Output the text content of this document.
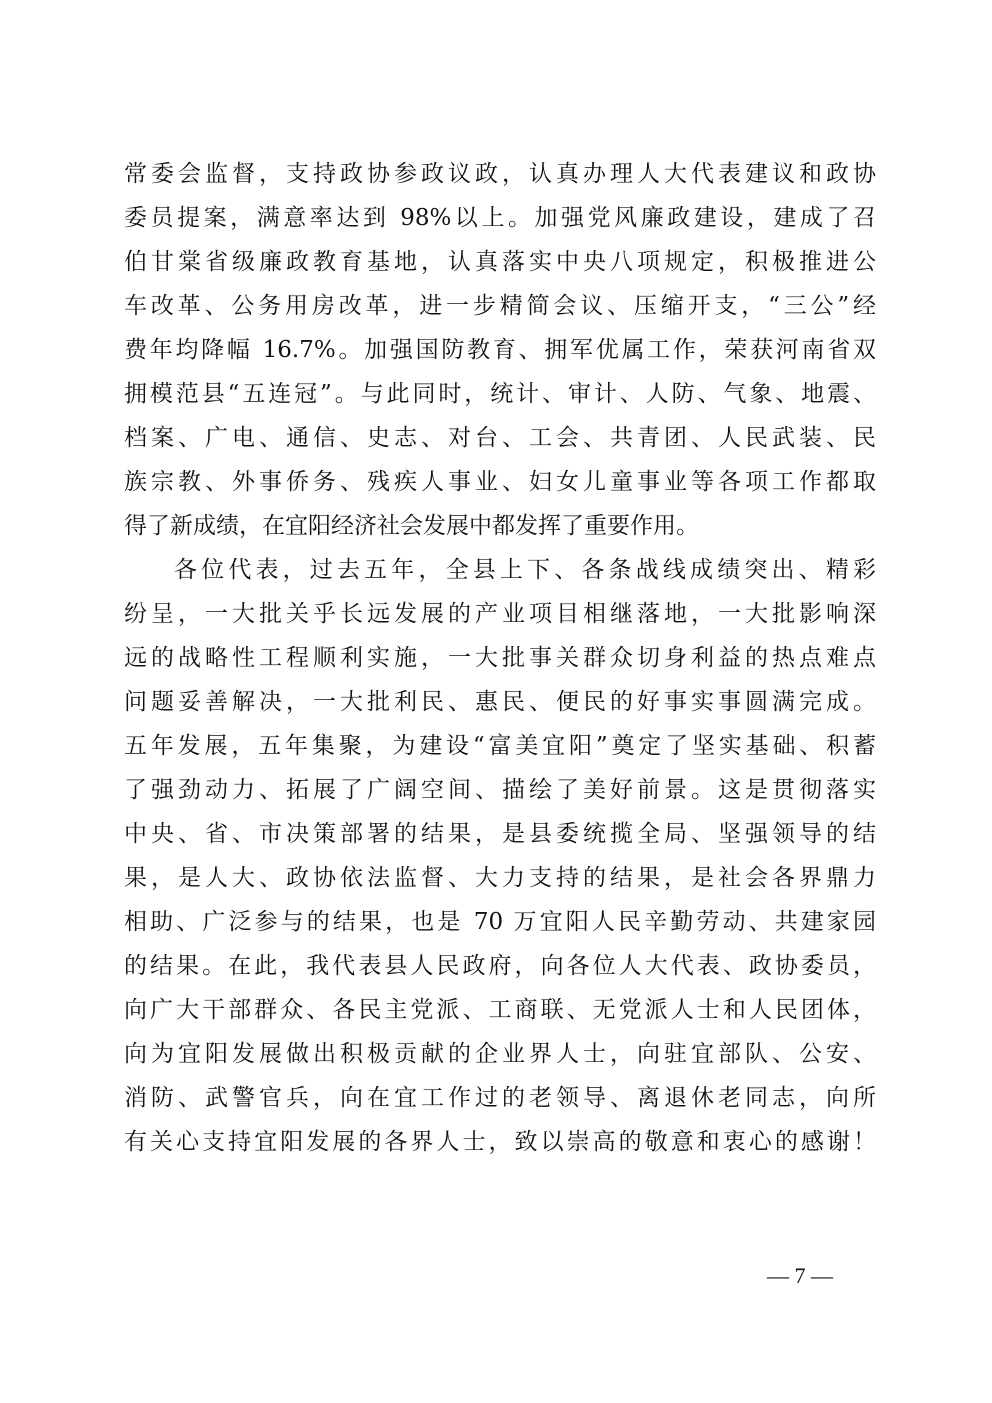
常委会监督，支持政协参政议政，认真办理人大代表建议和政协
委员提案，满意率达到 98%以上。加强党风廉政建设，建成了召
伯甘棠省级廉政教育基地，认真落实中央八项规定，积极推进公
车改革、公务用房改革，进一步精简会议、压缩开支，“三公”经
费年均降幅 16.7%。加强国防教育、拥军优属工作，荣获河南省双
拥模范县“五连冠”。与此同时，统计、审计、人防、气象、地震、
档案、广电、通信、史志、对台、工会、共青团、人民武装、民
族宗教、外事侨务、残疾人事业、妇女儿童事业等各项工作都取
得了新成绩，在宜阳经济社会发展中都发挥了重要作用。
各位代表，过去五年，全县上下、各条战线成绩突出、精彩
纷呈，一大批关乎长远发展的产业项目相继落地，一大批影响深
远的战略性工程顺利实施，一大批事关群众切身利益的热点难点
问题妥善解决，一大批利民、惠民、便民的好事实事圆满完成。
五年发展，五年集聚，为建设“富美宜阳”奠定了坚实基础、积蓄
了强劲动力、拓展了广阔空间、描绘了美好前景。这是贯彻落实
中央、省、市决策部署的结果，是县委统揽全局、坚强领导的结
果，是人大、政协依法监督、大力支持的结果，是社会各界鼎力
相助、广泛参与的结果，也是 70 万宜阳人民辛勤劳动、共建家园
的结果。在此，我代表县人民政府，向各位人大代表、政协委员，
向广大干部群众、各民主党派、工商联、无党派人士和人民团体，
向为宜阳发展做出积极贡献的企业界人士，向驻宜部队、公安、
消防、武警官兵，向在宜工作过的老领导、离退休老同志，向所
有关心支持宜阳发展的各界人士，致以崇高的敬意和衷心的感谢！
— 7 —
